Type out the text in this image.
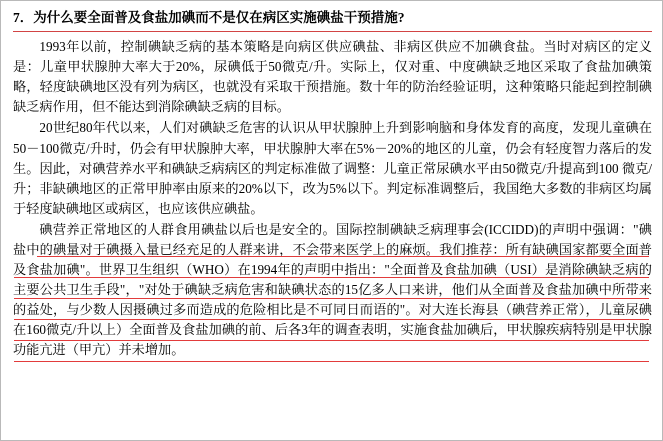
7．为什么要全面普及食盐加碘而不是仅在病区实施碘盐干预措施?

1993年以前，控制碘缺乏病的基本策略是向病区供应碘盐、非病区供应不加碘食盐。当时对病区的定义是：儿童甲状腺肿大率大于20%，尿碘低于50微克/升。实际上，仅对重、中度碘缺乏地区采取了食盐加碘策略，轻度缺碘地区没有列为病区，也就没有采取干预措施。数十年的防治经验证明，这种策略只能起到控制碘缺乏病作用，但不能达到消除碘缺乏病的目标。

20世纪80年代以来，人们对碘缺乏危害的认识从甲状腺肿上升到影响脑和身体发育的高度，发现儿童碘在50－100微克/升时，仍会有甲状腺肿大率，甲状腺肿大率在5%－20%的地区的儿童，仍会有轻度智力落后的发生。因此，对碘营养水平和碘缺乏病病区的判定标准做了调整：儿童正常尿碘水平由50微克/升提高到100 微克/升；非缺碘地区的正常甲肿率由原来的20%以下，改为5%以下。判定标准调整后，我国绝大多数的非病区均属于轻度缺碘地区或病区，也应该供应碘盐。

碘营养正常地区的人群食用碘盐以后也是安全的。国际控制碘缺乏病理事会(ICCIDD)的声明中强调："碘盐中的碘量对于碘摄入量已经充足的人群来讲，不会带来医学上的麻烦。我们推荐：所有缺碘国家都要全面普及食盐加碘"。世界卫生组织（WHO）在1994年的声明中指出："全面普及食盐加碘（USI）是消除碘缺乏病的主要公共卫生手段"，"对处于碘缺乏病危害和缺碘状态的15亿多人口来讲，他们从全面普及食盐加碘中所带来的益处，与少数人因摄碘过多而造成的危险相比是不可同日而语的"。对大连长海县（碘营养正常），儿童尿碘在160微克/升以上）全面普及食盐加碘的前、后各3年的调查表明，实施食盐加碘后，甲状腺疾病特别是甲状腺功能亢进（甲亢）并未增加。
